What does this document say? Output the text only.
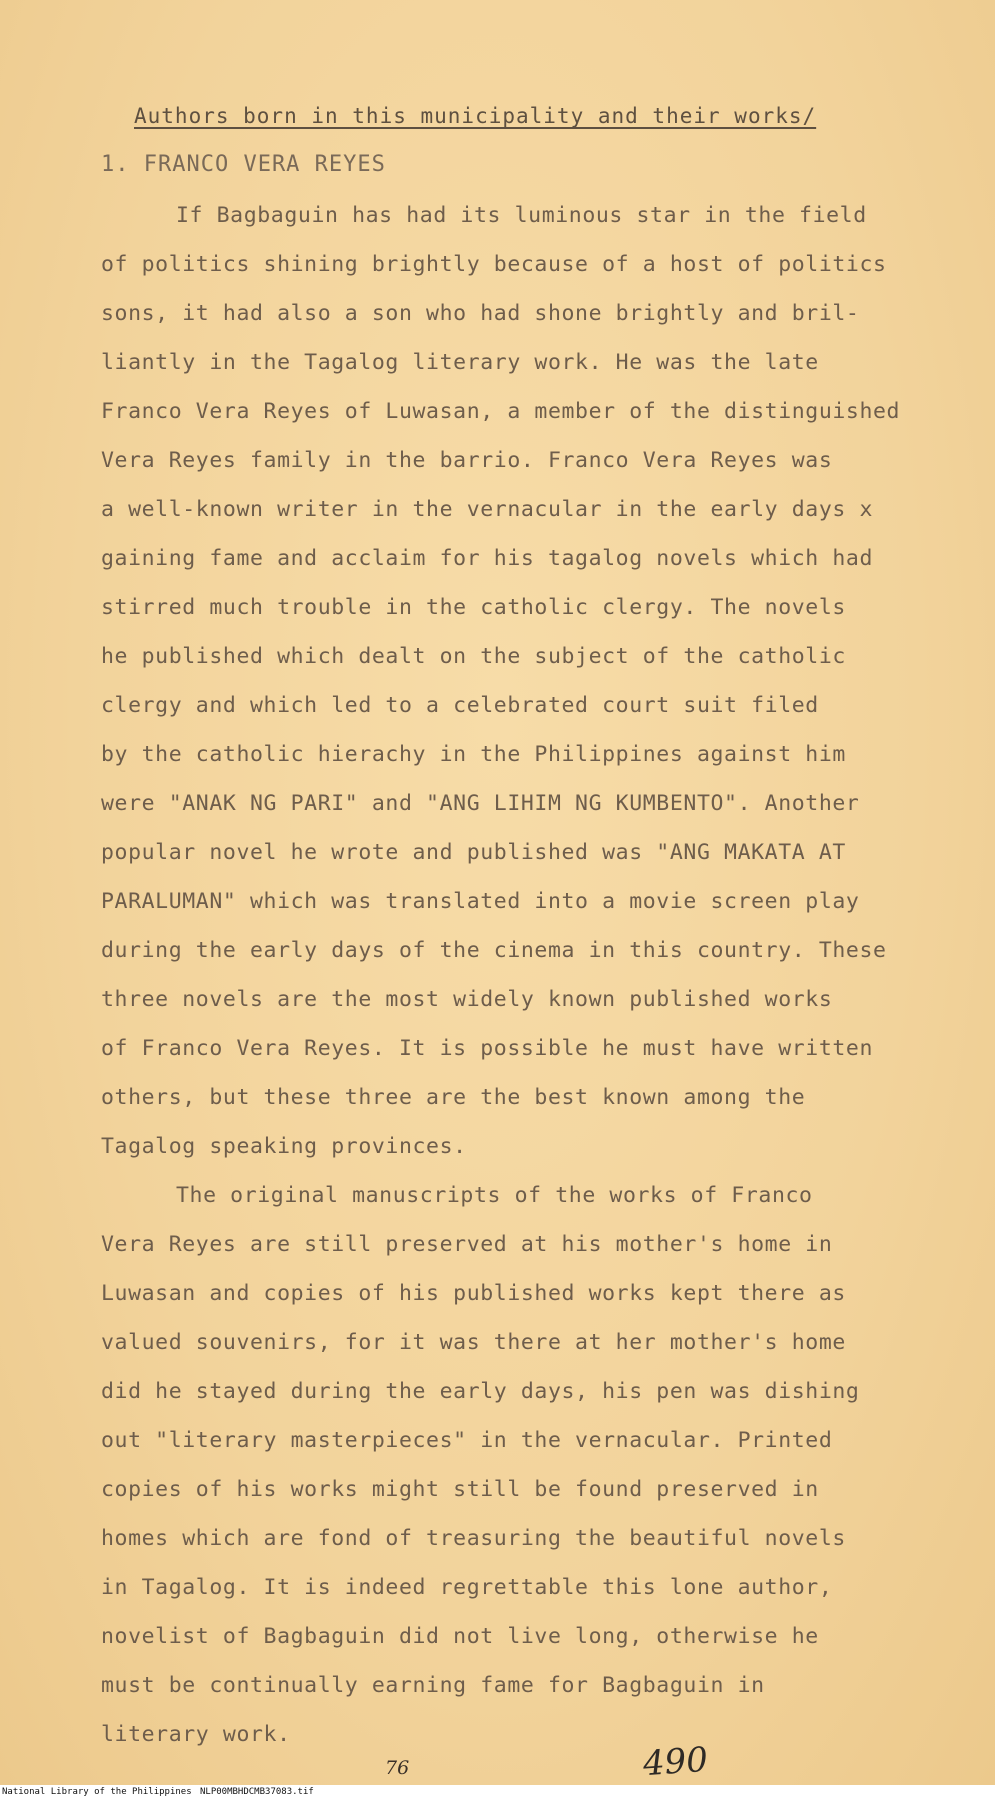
Authors born in this municipality and their works/
1. FRANCO VERA REYES
If Bagbaguin has had its luminous star in the field
of politics shining brightly because of a host of politics
sons, it had also a son who had shone brightly and bril-
liantly in the Tagalog literary work. He was the late
Franco Vera Reyes of Luwasan, a member of the distinguished
Vera Reyes family in the barrio. Franco Vera Reyes was
a well-known writer in the vernacular in the early days x
gaining fame and acclaim for his tagalog novels which had
stirred much trouble in the catholic clergy. The novels
he published which dealt on the subject of the catholic
clergy and which led to a celebrated court suit filed
by the catholic hierachy in the Philippines against him
were "ANAK NG PARI" and "ANG LIHIM NG KUMBENTO". Another
popular novel he wrote and published was "ANG MAKATA AT
PARALUMAN" which was translated into a movie screen play
during the early days of the cinema in this country. These
three novels are the most widely known published works
of Franco Vera Reyes. It is possible he must have written
others, but these three are the best known among the
Tagalog speaking provinces.
The original manuscripts of the works of Franco
Vera Reyes are still preserved at his mother's home in
Luwasan and copies of his published works kept there as
valued souvenirs, for it was there at her mother's home
did he stayed during the early days, his pen was dishing
out "literary masterpieces" in the vernacular. Printed
copies of his works might still be found preserved in
homes which are fond of treasuring the beautiful novels
in Tagalog. It is indeed regrettable this lone author,
novelist of Bagbaguin did not live long, otherwise he
must be continually earning fame for Bagbaguin in
literary work.
76	490
National Library of the Philippines NLP00MBHDCMB37083.tif
